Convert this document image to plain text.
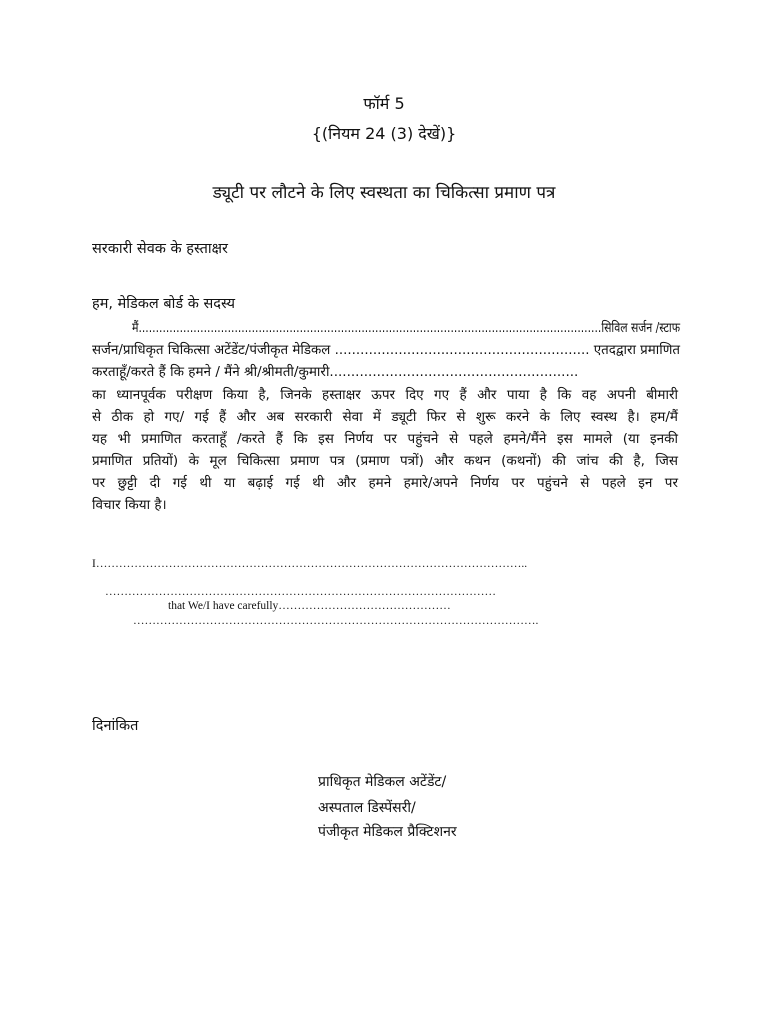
फॉर्म 5
{(नियम 24 (3) देखें)}
ड्यूटी पर लौटने के लिए स्वस्थता का चिकित्सा प्रमाण पत्र
सरकारी सेवक के हस्ताक्षर
हम, मेडिकल बोर्ड के सदस्य
मैं.......................................................................................................................................सिविल सर्जन /स्टाफ
सर्जन/प्राधिकृत चिकित्सा अटेंडेंट/पंजीकृत मेडिकल ............................................................ एतदद्वारा प्रमाणित
करताहूँ/करते हैं कि हमने / मैंने श्री/श्रीमती/कुमारी..........................................................

का ध्यानपूर्वक परीक्षण किया है, जिनके हस्ताक्षर ऊपर दिए गए हैं और पाया है कि वह अपनी बीमारी

से ठीक हो गए/ गई हैं और अब सरकारी सेवा में ड्यूटी फिर से शुरू करने के लिए स्वस्थ है। हम/मैं

यह भी प्रमाणित करताहूँ /करते हैं कि इस निर्णय पर पहुंचने से पहले हमने/मैंने इस मामले (या इनकी

प्रमाणित प्रतियों) के मूल चिकित्सा प्रमाण पत्र (प्रमाण पत्रों) और कथन (कथनों) की जांच की है, जिस

पर छुट्टी दी गई थी या बढ़ाई गई थी और हमने हमारे/अपने निर्णय पर पहुंचने से पहले इन पर

विचार किया है।

I…………………………………………………………………………………………………..
…………………………………………………………………………………………
that We/I have carefully………………………………………
…………………………………………………………………………………………….
दिनांकित
प्राधिकृत मेडिकल अटेंडेंट/
अस्पताल डिस्पेंसरी/
पंजीकृत मेडिकल प्रैक्टिशनर
